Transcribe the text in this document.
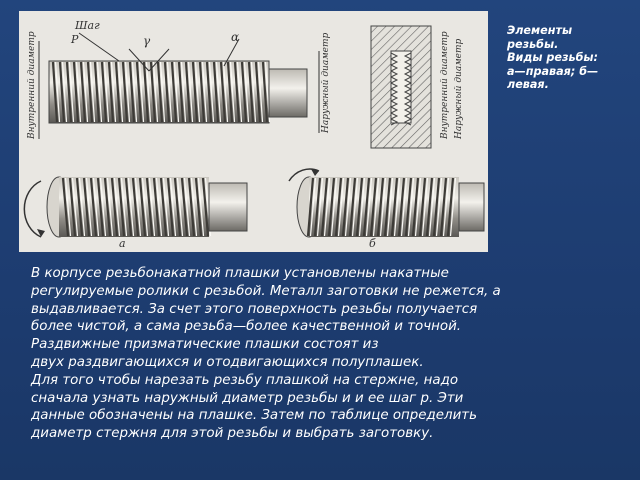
Шаг
P	γ	α
Внутренний диаметр	Наружный диаметр	Внутренний диаметр Наружный диаметр
а	б
Элементы
резьбы.
Виды резьбы:
а—правая; б—
левая.
В корпусе резьбонакатной плашки установлены накатные
регулируемые ролики с резьбой. Металл заготовки не режется, а
выдавливается. За счет этого поверхность резьбы получается
более чистой, а сама резьба—более качественной и точной.
Раздвижные призматические плашки состоят из
двух раздвигающихся и отодвигающихся полуплашек.
Для того чтобы нарезать резьбу плашкой на стержне, надо
сначала узнать наружный диаметр резьбы и и ее шаг р. Эти
данные обозначены на плашке. Затем по таблице определить
диаметр стержня для этой резьбы и выбрать заготовку.
